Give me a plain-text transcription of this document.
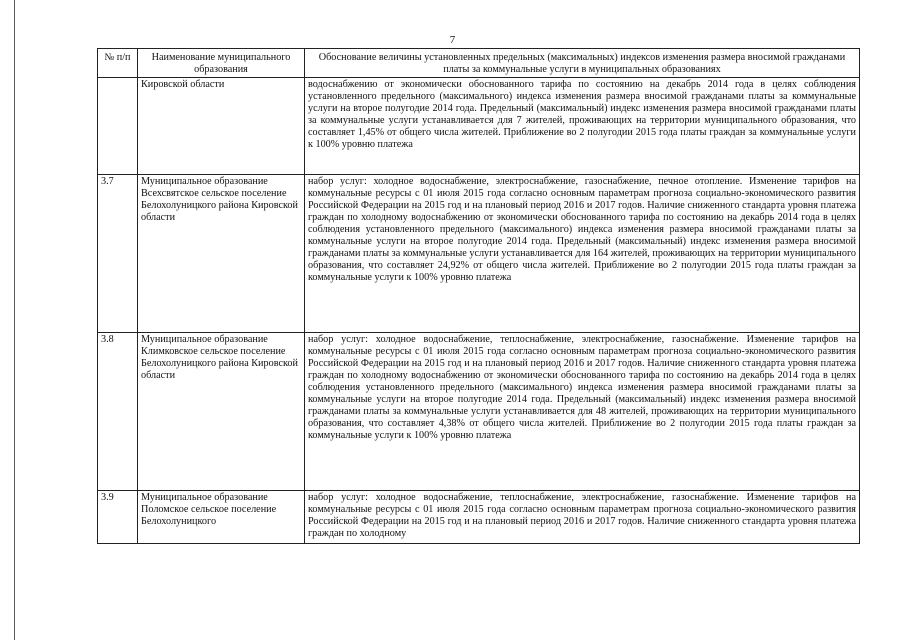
7
№ п/п	Наименование муниципального образования	Обоснование величины установленных предельных (максимальных) индексов изменения размера вносимой гражданами платы за коммунальные услуги в муниципальных образованиях
	Кировской области	водоснабжению от экономически обоснованного тарифа по состоянию на декабрь 2014 года в целях соблюдения установленного предельного (максимального) индекса изменения размера вносимой гражданами платы за коммунальные услуги на второе полугодие 2014 года. Предельный (максимальный) индекс изменения размера вносимой гражданами платы за коммунальные услуги устанавливается для 7 жителей, проживающих на территории муниципального образования, что составляет 1,45% от общего числа жителей. Приближение во 2 полугодии 2015 года платы граждан за коммунальные услуги к 100% уровню платежа
3.7	Муниципальное образование Всехсвятское сельское поселение Белохолуницкого района Кировской области	набор услуг: холодное водоснабжение, электроснабжение, газоснабжение, печное отопление. Изменение тарифов на коммунальные ресурсы с 01 июля 2015 года согласно основным параметрам прогноза социально-экономического развития Российской Федерации на 2015 год и на плановый период 2016 и 2017 годов. Наличие сниженного стандарта уровня платежа граждан по холодному водоснабжению от экономически обоснованного тарифа по состоянию на декабрь 2014 года в целях соблюдения установленного предельного (максимального) индекса изменения размера вносимой гражданами платы за коммунальные услуги на второе полугодие 2014 года. Предельный (максимальный) индекс изменения размера вносимой гражданами платы за коммунальные услуги устанавливается для 164 жителей, проживающих на территории муниципального образования, что составляет 24,92% от общего числа жителей. Приближение во 2 полугодии 2015 года платы граждан за коммунальные услуги к 100% уровню платежа
3.8	Муниципальное образование Климковское сельское поселение Белохолуницкого района Кировской области	набор услуг: холодное водоснабжение, теплоснабжение, электроснабжение, газоснабжение. Изменение тарифов на коммунальные ресурсы с 01 июля 2015 года согласно основным параметрам прогноза социально-экономического развития Российской Федерации на 2015 год и на плановый период 2016 и 2017 годов. Наличие сниженного стандарта уровня платежа граждан по холодному водоснабжению от экономически обоснованного тарифа по состоянию на декабрь 2014 года в целях соблюдения установленного предельного (максимального) индекса изменения размера вносимой гражданами платы за коммунальные услуги на второе полугодие 2014 года. Предельный (максимальный) индекс изменения размера вносимой гражданами платы за коммунальные услуги устанавливается для 48 жителей, проживающих на территории муниципального образования, что составляет 4,38% от общего числа жителей. Приближение во 2 полугодии 2015 года платы граждан за коммунальные услуги к 100% уровню платежа
3.9	Муниципальное образование Поломское сельское поселение Белохолуницкого	набор услуг: холодное водоснабжение, теплоснабжение, электроснабжение, газоснабжение. Изменение тарифов на коммунальные ресурсы с 01 июля 2015 года согласно основным параметрам прогноза социально-экономического развития Российской Федерации на 2015 год и на плановый период 2016 и 2017 годов. Наличие сниженного стандарта уровня платежа граждан по холодному
